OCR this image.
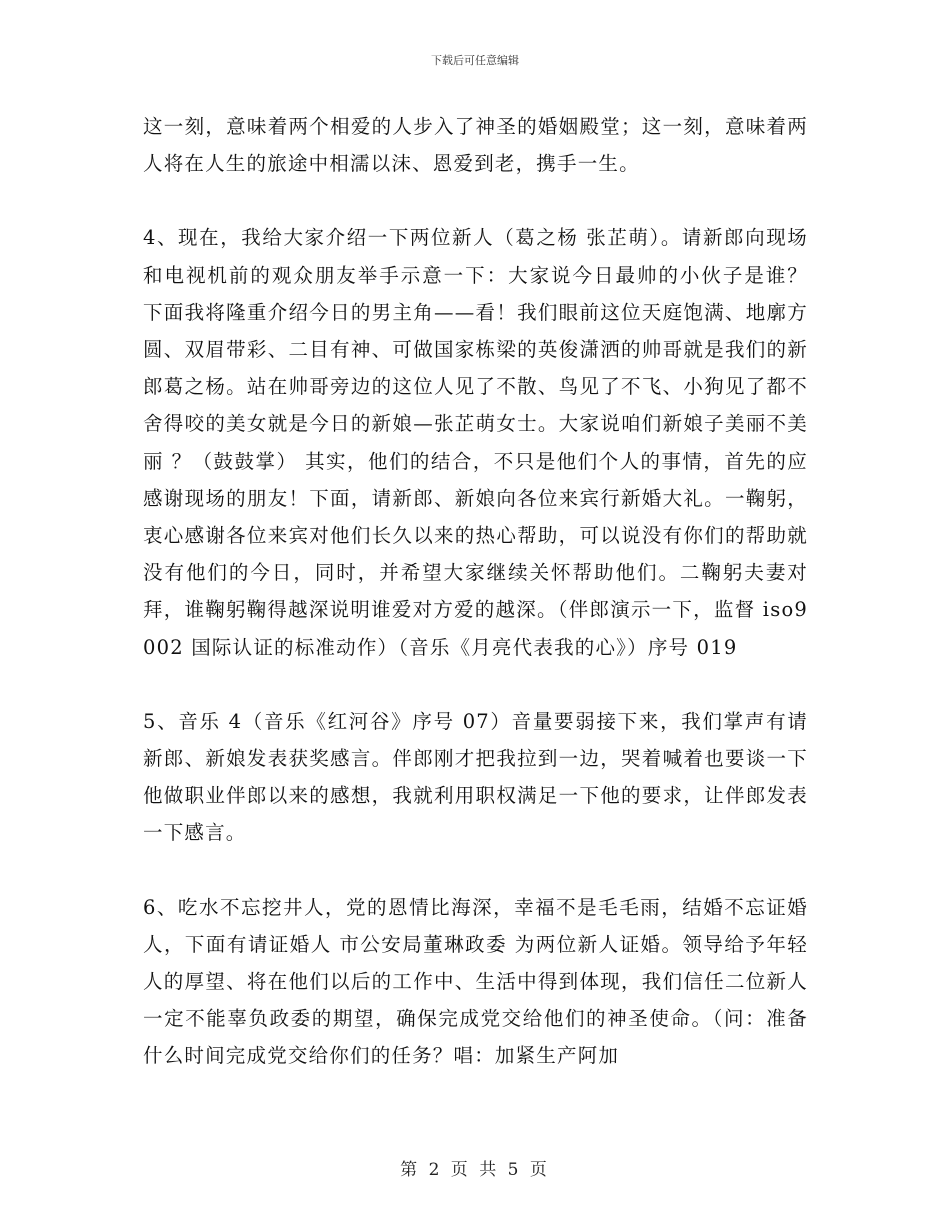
下载后可任意编辑

这一刻，意味着两个相爱的人步入了神圣的婚姻殿堂；这一刻，意味着两人将在人生的旅途中相濡以沫、恩爱到老，携手一生。

4、现在，我给大家介绍一下两位新人（葛之杨 张芷萌）。请新郎向现场和电视机前的观众朋友举手示意一下：大家说今日最帅的小伙子是谁？ 下面我将隆重介绍今日的男主角——看！我们眼前这位天庭饱满、地廓方圆、双眉带彩、二目有神、可做国家栋梁的英俊潇洒的帅哥就是我们的新郎葛之杨。站在帅哥旁边的这位人见了不散、鸟见了不飞、小狗见了都不舍得咬的美女就是今日的新娘—张芷萌女士。大家说咱们新娘子美丽不美丽 ？（鼓鼓掌） 其实，他们的结合，不只是他们个人的事情，首先的应感谢现场的朋友！下面，请新郎、新娘向各位来宾行新婚大礼。一鞠躬，衷心感谢各位来宾对他们长久以来的热心帮助，可以说没有你们的帮助就没有他们的今日，同时，并希望大家继续关怀帮助他们。二鞠躬夫妻对拜，谁鞠躬鞠得越深说明谁爱对方爱的越深。（伴郎演示一下，监督 iso9002 国际认证的标准动作）（音乐《月亮代表我的心》）序号 019

5、音乐 4（音乐《红河谷》序号 07）音量要弱接下来，我们掌声有请新郎、新娘发表获奖感言。伴郎刚才把我拉到一边，哭着喊着也要谈一下他做职业伴郎以来的感想，我就利用职权满足一下他的要求，让伴郎发表一下感言。

6、吃水不忘挖井人，党的恩情比海深，幸福不是毛毛雨，结婚不忘证婚人，下面有请证婚人 市公安局董琳政委 为两位新人证婚。领导给予年轻人的厚望、将在他们以后的工作中、生活中得到体现，我们信任二位新人一定不能辜负政委的期望，确保完成党交给他们的神圣使命。（问：准备什么时间完成党交给你们的任务？唱：加紧生产阿加

第 2 页 共 5 页
